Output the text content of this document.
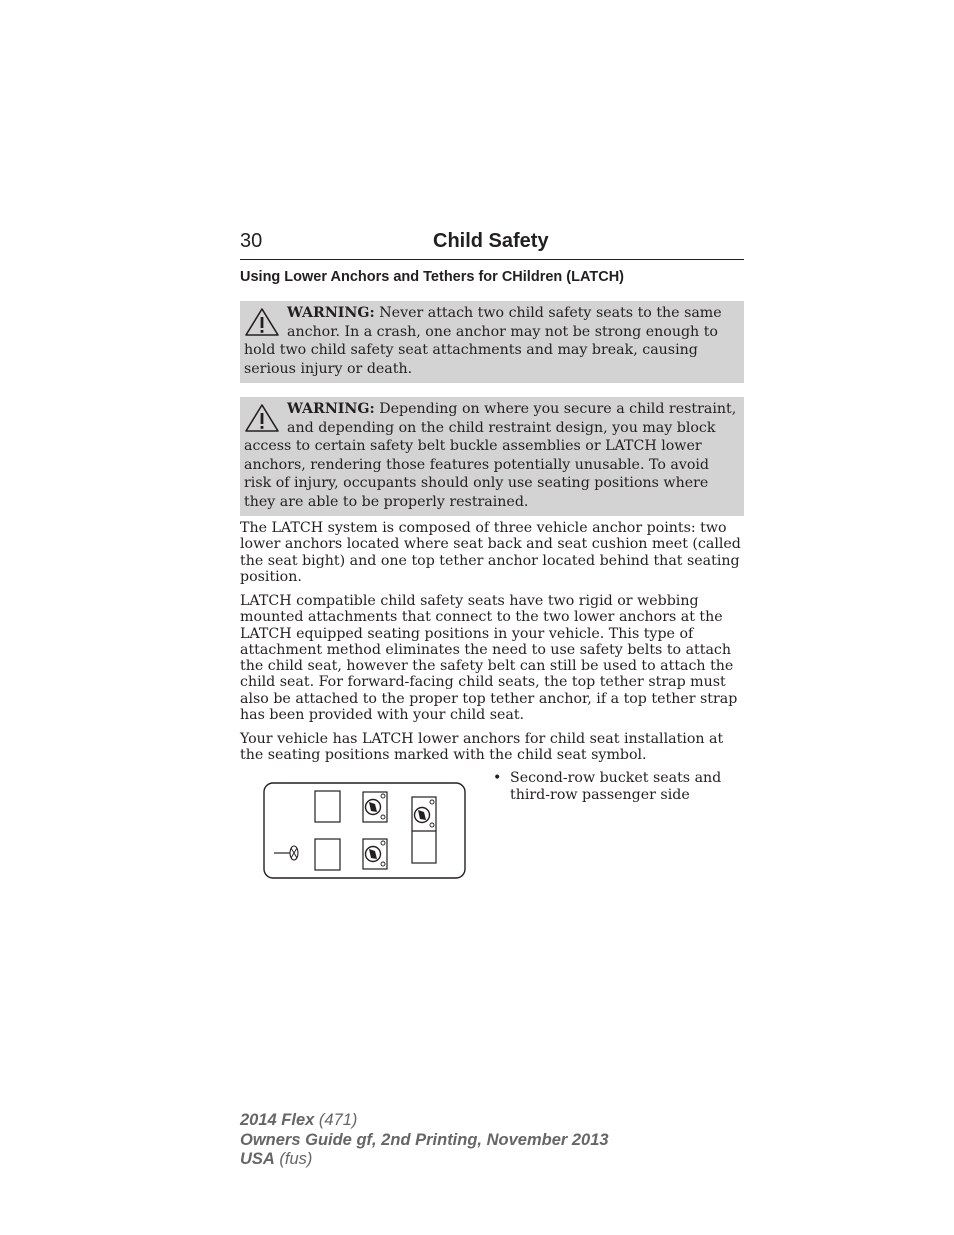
30	Child Safety
Using Lower Anchors and Tethers for CHildren (LATCH)
WARNING: Never attach two child safety seats to the same anchor. In a crash, one anchor may not be strong enough to hold two child safety seat attachments and may break, causing serious injury or death.
WARNING: Depending on where you secure a child restraint, and depending on the child restraint design, you may block access to certain safety belt buckle assemblies or LATCH lower anchors, rendering those features potentially unusable. To avoid risk of injury, occupants should only use seating positions where they are able to be properly restrained.

The LATCH system is composed of three vehicle anchor points: two lower anchors located where seat back and seat cushion meet (called the seat bight) and one top tether anchor located behind that seating position.

LATCH compatible child safety seats have two rigid or webbing mounted attachments that connect to the two lower anchors at the LATCH equipped seating positions in your vehicle. This type of attachment method eliminates the need to use safety belts to attach the child seat, however the safety belt can still be used to attach the child seat. For forward-facing child seats, the top tether strap must also be attached to the proper top tether anchor, if a top tether strap has been provided with your child seat.

Your vehicle has LATCH lower anchors for child seat installation at the seating positions marked with the child seat symbol.

• Second-row bucket seats and third-row passenger side
2014 Flex (471)
Owners Guide gf, 2nd Printing, November 2013
USA (fus)
